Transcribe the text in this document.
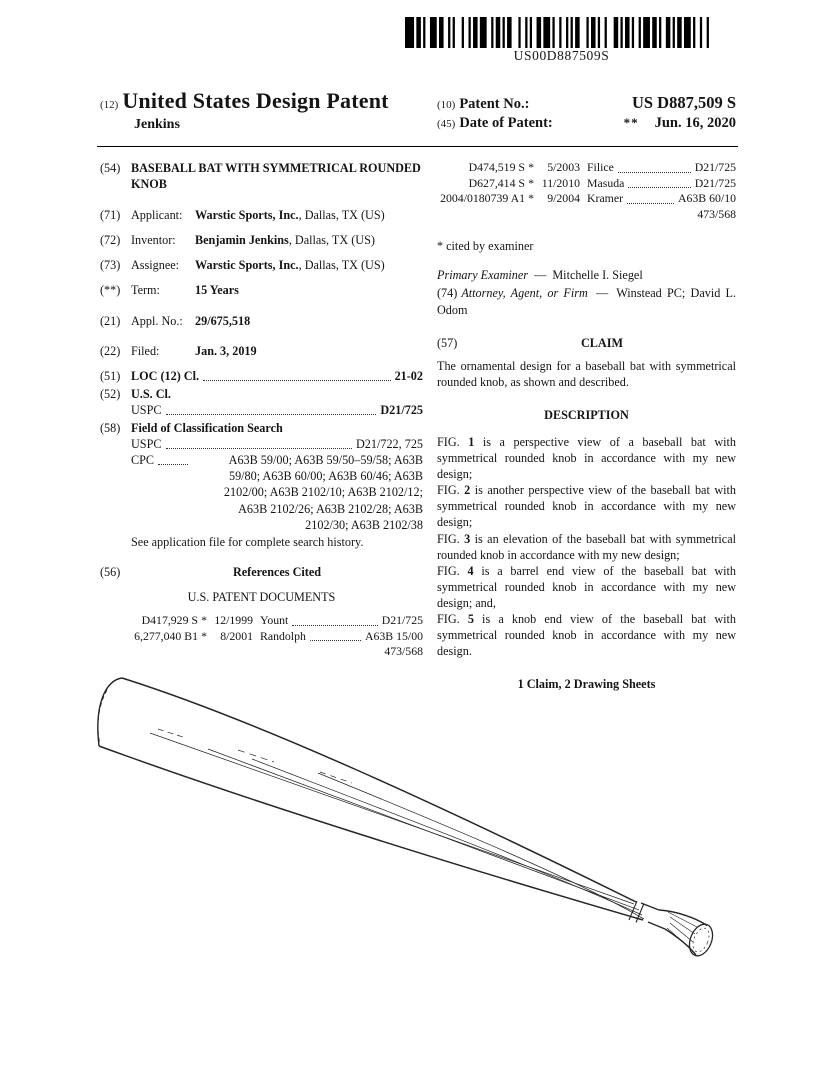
US00D887509S
(12) United States Design Patent
Jenkins
(10) Patent No.:	US D887,509 S
(45) Date of Patent:	** Jun. 16, 2020
(54) BASEBALL BAT WITH SYMMETRICAL ROUNDED KNOB
(71) Applicant:	Warstic Sports, Inc., Dallas, TX (US)
(72) Inventor:	Benjamin Jenkins, Dallas, TX (US)
(73) Assignee:	Warstic Sports, Inc., Dallas, TX (US)
(**) Term:	15 Years
(21) Appl. No.:	29/675,518
(22) Filed:	Jan. 3, 2019
(51) LOC (12) Cl.	21-02
(52) U.S. Cl.
USPC	D21/725
(58) Field of Classification Search
USPC	D21/722, 725
CPC	A63B 59/00; A63B 59/50–59/58; A63B
59/80; A63B 60/00; A63B 60/46; A63B
2102/00; A63B 2102/10; A63B 2102/12;
A63B 2102/26; A63B 2102/28; A63B
2102/30; A63B 2102/38
See application file for complete search history.
(56)	References Cited
U.S. PATENT DOCUMENTS
D417,929 S * 12/1999 Yount	D21/725
6,277,040 B1 *	8/2001 Randolph	A63B 15/00
473/568
D474,519 S *	5/2003 Filice	D21/725
D627,414 S * 11/2010 Masuda	D21/725
2004/0180739 A1 *	9/2004 Kramer	A63B 60/10
473/568
* cited by examiner

Primary Examiner — Mitchelle I. Siegel

(74) Attorney, Agent, or Firm — Winstead PC; David L. Odom

(57)	CLAIM
The ornamental design for a baseball bat with symmetrical rounded knob, as shown and described.
DESCRIPTION

FIG. 1 is a perspective view of a baseball bat with symmetrical rounded knob in accordance with my new design;

FIG. 2 is another perspective view of the baseball bat with symmetrical rounded knob in accordance with my new design;

FIG. 3 is an elevation of the baseball bat with symmetrical rounded knob in accordance with my new design;

FIG. 4 is a barrel end view of the baseball bat with symmetrical rounded knob in accordance with my new design; and,

FIG. 5 is a knob end view of the baseball bat with symmetrical rounded knob in accordance with my new design.

1 Claim, 2 Drawing Sheets
